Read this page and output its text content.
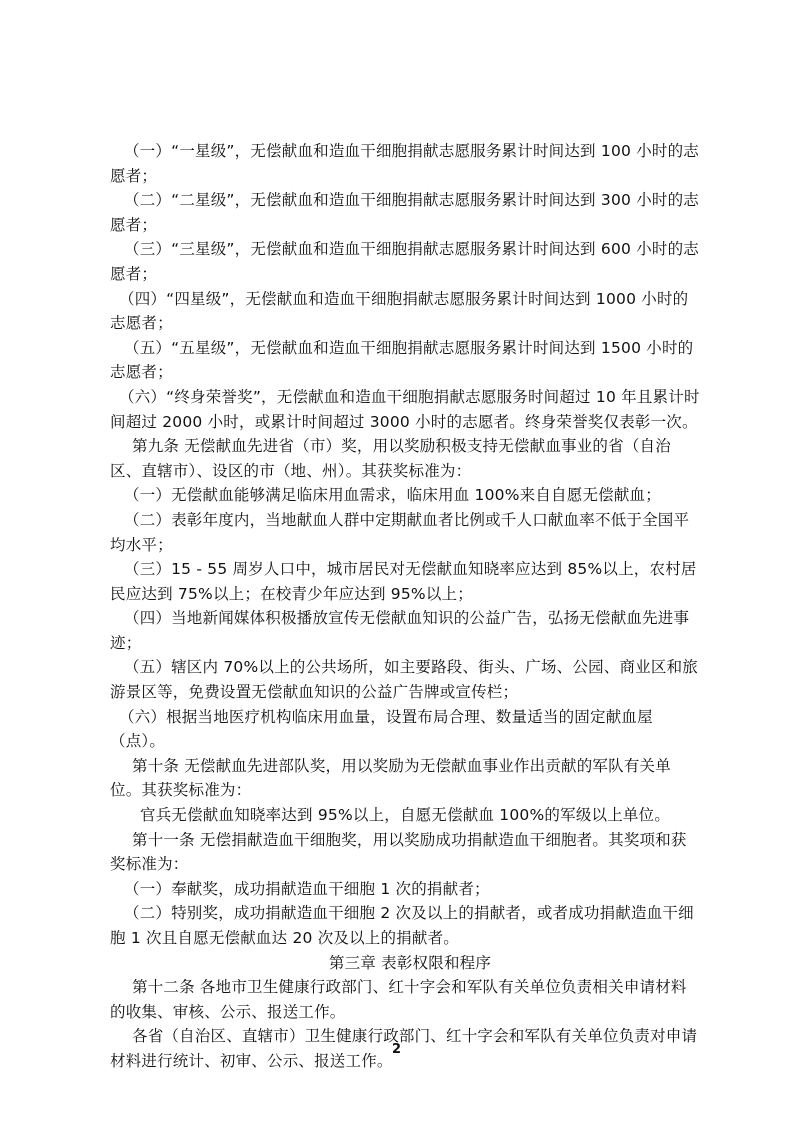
（一）“一星级”，无偿献血和造血干细胞捐献志愿服务累计时间达到 100 小时的志愿者；

（二）“二星级”，无偿献血和造血干细胞捐献志愿服务累计时间达到 300 小时的志愿者；

（三）“三星级”，无偿献血和造血干细胞捐献志愿服务累计时间达到 600 小时的志愿者；

（四）“四星级”，无偿献血和造血干细胞捐献志愿服务累计时间达到 1000 小时的志愿者；

（五）“五星级”，无偿献血和造血干细胞捐献志愿服务累计时间达到 1500 小时的志愿者；

（六）“终身荣誉奖”，无偿献血和造血干细胞捐献志愿服务时间超过 10 年且累计时间超过 2000 小时，或累计时间超过 3000 小时的志愿者。终身荣誉奖仅表彰一次。

第九条 无偿献血先进省（市）奖，用以奖励积极支持无偿献血事业的省（自治区、直辖市）、设区的市（地、州）。其获奖标准为：

（一）无偿献血能够满足临床用血需求，临床用血 100%来自自愿无偿献血；

（二）表彰年度内，当地献血人群中定期献血者比例或千人口献血率不低于全国平均水平；

（三）15 - 55 周岁人口中，城市居民对无偿献血知晓率应达到 85%以上，农村居民应达到 75%以上；在校青少年应达到 95%以上；

（四）当地新闻媒体积极播放宣传无偿献血知识的公益广告，弘扬无偿献血先进事迹；

（五）辖区内 70%以上的公共场所，如主要路段、街头、广场、公园、商业区和旅游景区等，免费设置无偿献血知识的公益广告牌或宣传栏；

（六）根据当地医疗机构临床用血量，设置布局合理、数量适当的固定献血屋（点）。

第十条 无偿献血先进部队奖，用以奖励为无偿献血事业作出贡献的军队有关单位。其获奖标准为：

官兵无偿献血知晓率达到 95%以上，自愿无偿献血 100%的军级以上单位。

第十一条 无偿捐献造血干细胞奖，用以奖励成功捐献造血干细胞者。其奖项和获奖标准为：

（一）奉献奖，成功捐献造血干细胞 1 次的捐献者；

（二）特别奖，成功捐献造血干细胞 2 次及以上的捐献者，或者成功捐献造血干细胞 1 次且自愿无偿献血达 20 次及以上的捐献者。

第三章 表彰权限和程序

第十二条 各地市卫生健康行政部门、红十字会和军队有关单位负责相关申请材料的收集、审核、公示、报送工作。

各省（自治区、直辖市）卫生健康行政部门、红十字会和军队有关单位负责对申请材料进行统计、初审、公示、报送工作。

2
